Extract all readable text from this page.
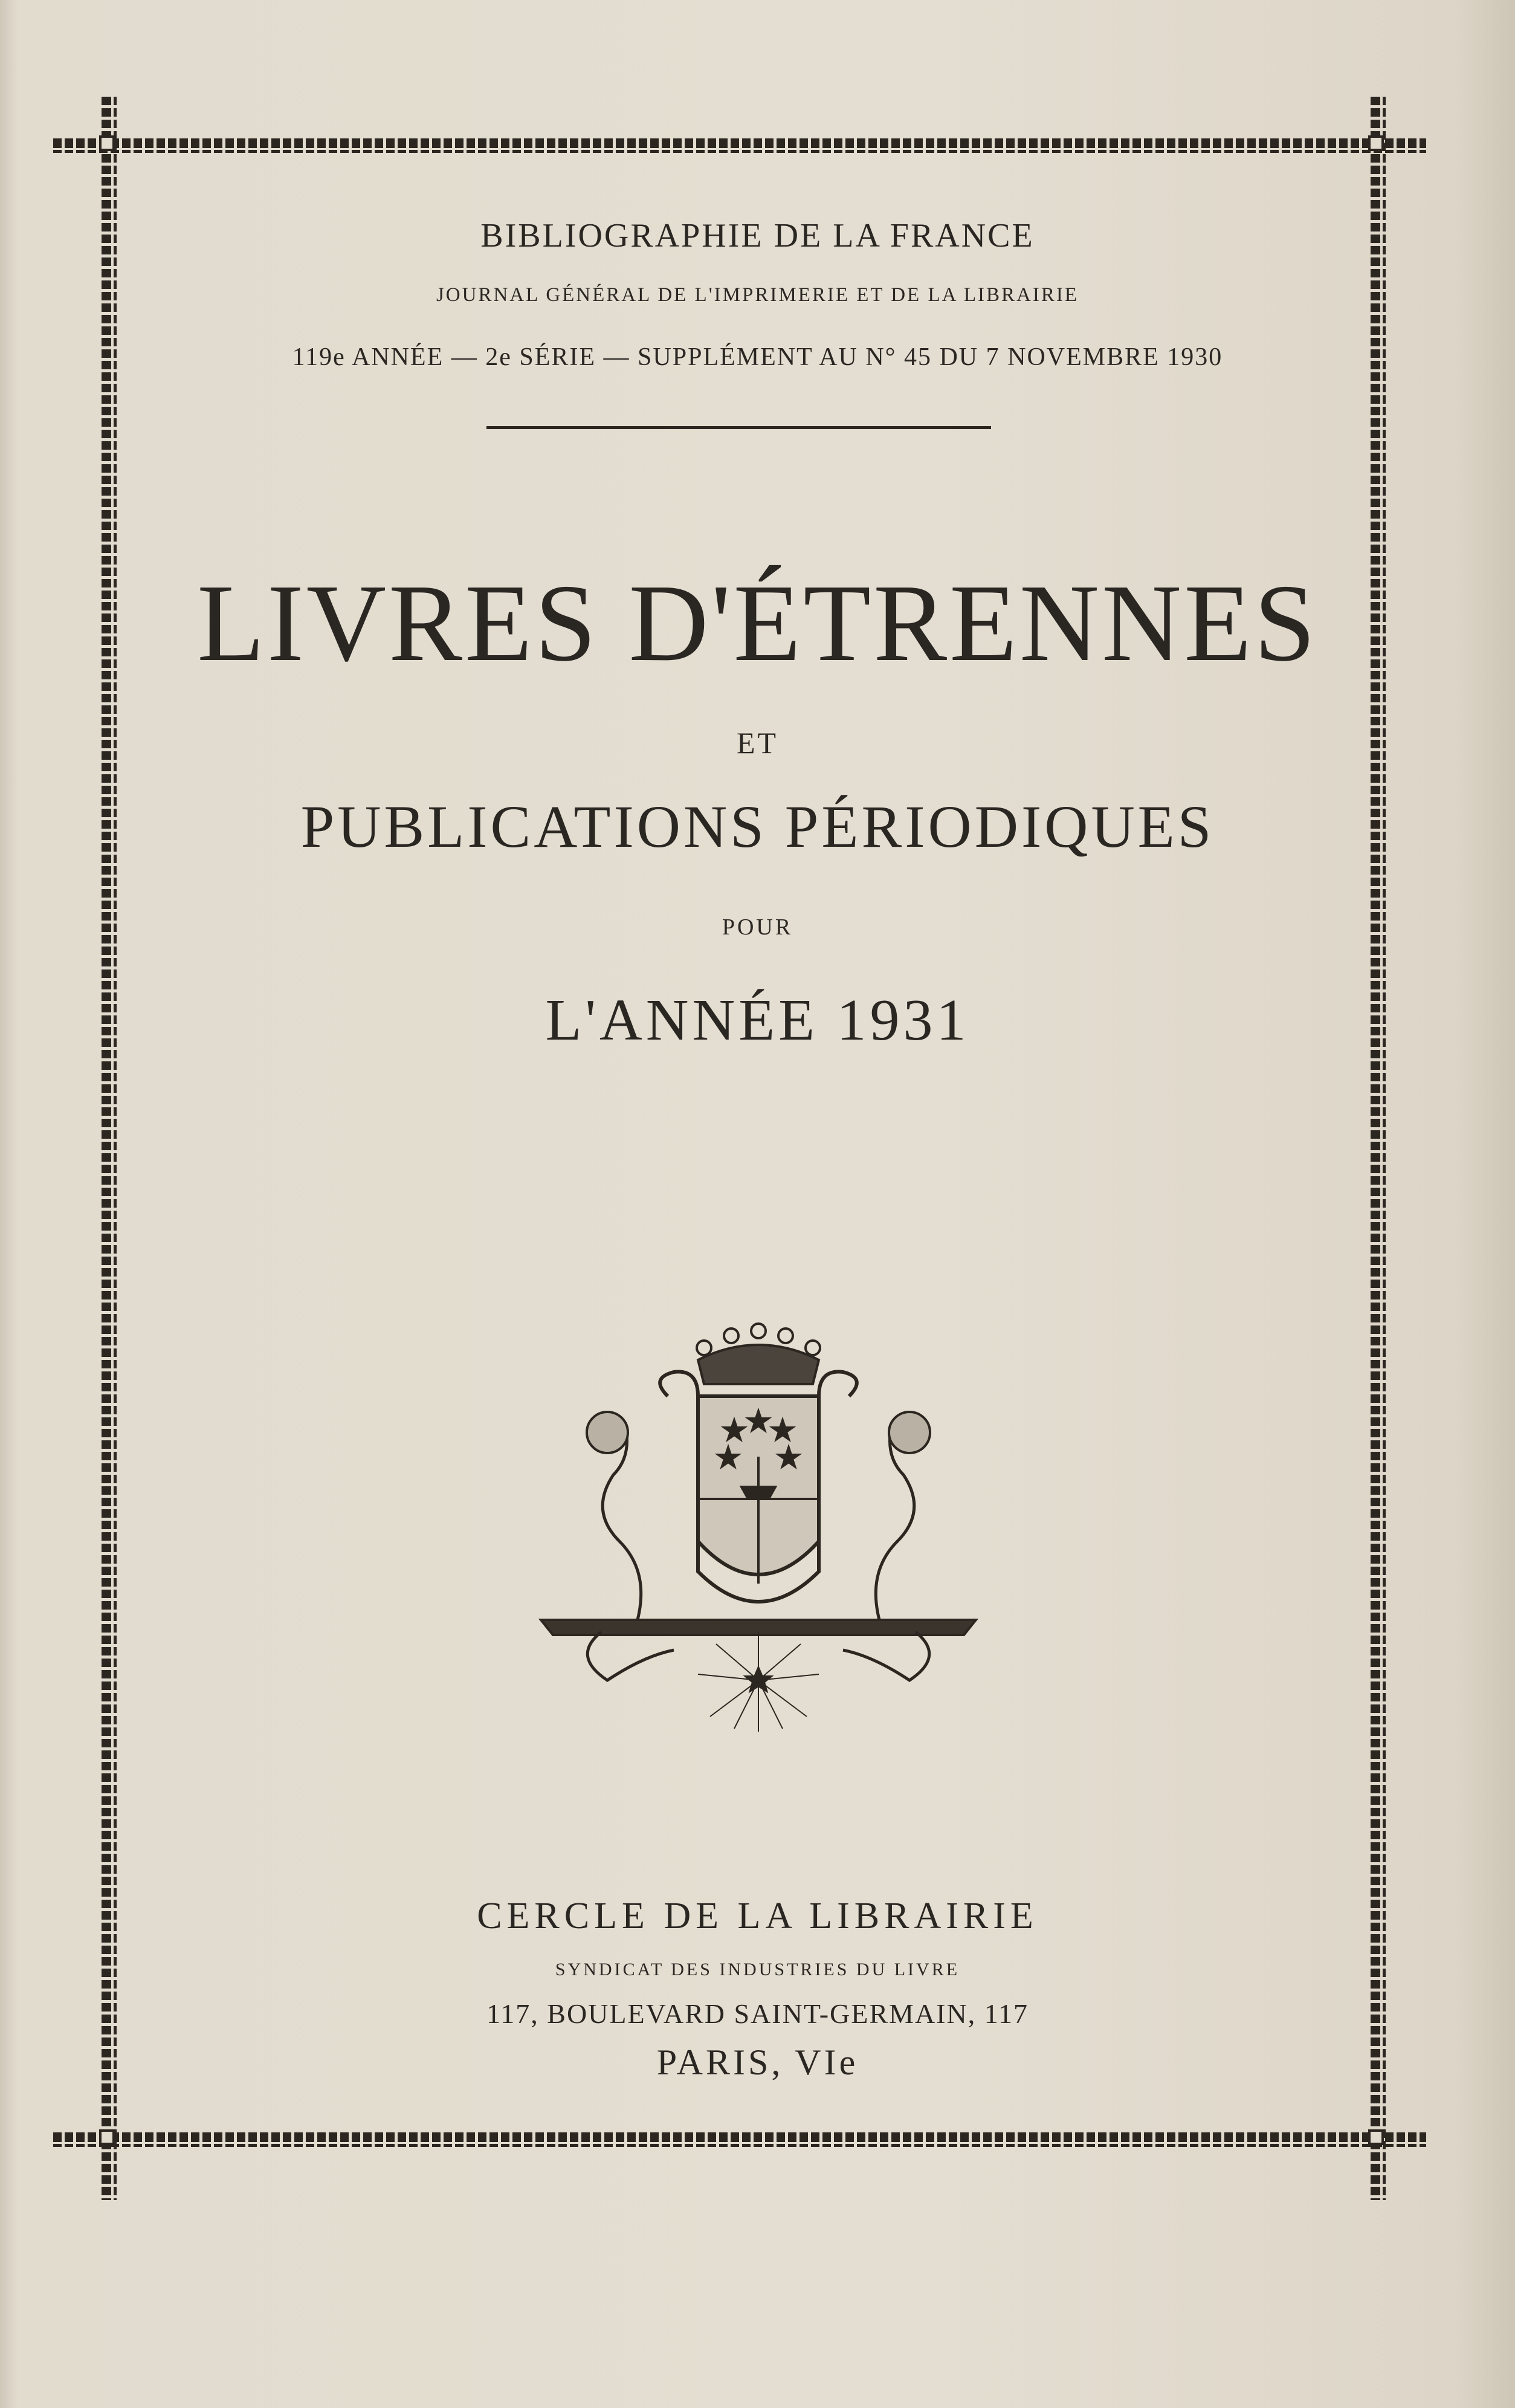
BIBLIOGRAPHIE DE LA FRANCE
JOURNAL GÉNÉRAL DE L'IMPRIMERIE ET DE LA LIBRAIRIE
119e ANNÉE — 2e SÉRIE — SUPPLÉMENT AU N° 45 DU 7 NOVEMBRE 1930
LIVRES D'ÉTRENNES
ET
PUBLICATIONS PÉRIODIQUES
POUR
L'ANNÉE 1931
CERCLE DE LA LIBRAIRIE
SYNDICAT DES INDUSTRIES DU LIVRE
117, BOULEVARD SAINT-GERMAIN, 117
PARIS, VIe
